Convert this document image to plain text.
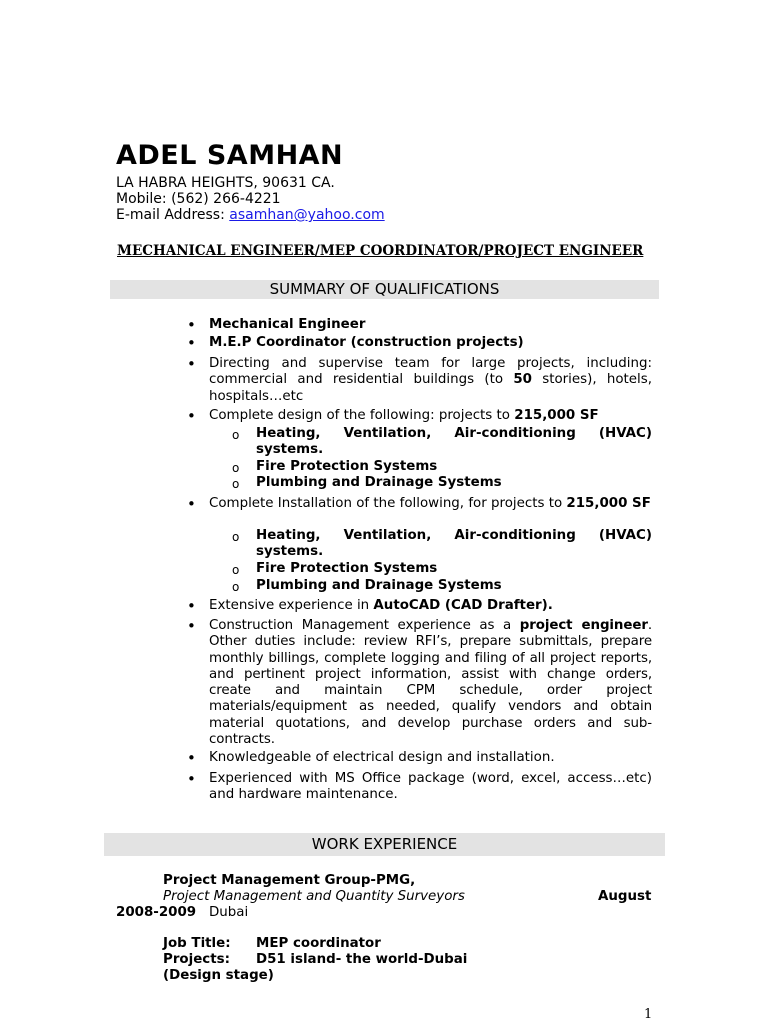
ADEL SAMHAN
LA HABRA HEIGHTS, 90631 CA.
Mobile: (562) 266-4221
E-mail Address: asamhan@yahoo.com
MECHANICAL ENGINEER/MEP COORDINATOR/PROJECT ENGINEER
SUMMARY OF QUALIFICATIONS
• Mechanical Engineer
• M.E.P Coordinator (construction projects)
• Directing and supervise team for large projects, including: commercial and residential buildings (to 50 stories), hotels, hospitals…etc
• Complete design of the following: projects to 215,000 SF
o Heating, Ventilation, Air-conditioning (HVAC) systems.
o Fire Protection Systems
o Plumbing and Drainage Systems
• Complete Installation of the following, for projects to 215,000 SF
o Heating, Ventilation, Air-conditioning (HVAC) systems.
o Fire Protection Systems
o Plumbing and Drainage Systems
• Extensive experience in AutoCAD (CAD Drafter).
• Construction Management experience as a project engineer. Other duties include: review RFI’s, prepare submittals, prepare monthly billings, complete logging and filing of all project reports, and pertinent project information, assist with change orders, create and maintain CPM schedule, order project materials/equipment as needed, qualify vendors and obtain material quotations, and develop purchase orders and sub-contracts.
• Knowledgeable of electrical design and installation.
• Experienced with MS Office package (word, excel, access…etc) and hardware maintenance.
WORK EXPERIENCE
Project Management Group-PMG,
Project Management and Quantity Surveyors	August
2008-2009 Dubai
Job Title: MEP coordinator
Projects: D51 island- the world-Dubai
(Design stage)
1
